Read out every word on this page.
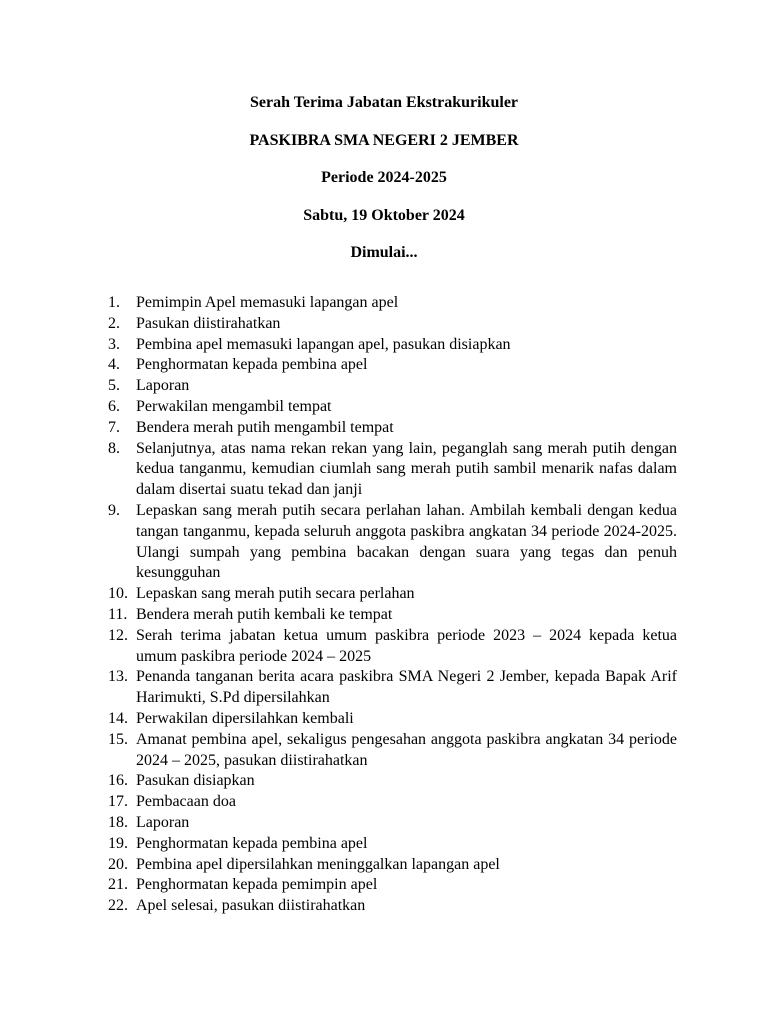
Serah Terima Jabatan Ekstrakurikuler
PASKIBRA SMA NEGERI 2 JEMBER
Periode 2024-2025
Sabtu, 19 Oktober 2024
Dimulai...
1.	Pemimpin Apel memasuki lapangan apel
2.	Pasukan diistirahatkan
3.	Pembina apel memasuki lapangan apel, pasukan disiapkan
4.	Penghormatan kepada pembina apel
5.	Laporan
6.	Perwakilan mengambil tempat
7.	Bendera merah putih mengambil tempat
8.	Selanjutnya, atas nama rekan rekan yang lain, peganglah sang merah putih dengan kedua tanganmu, kemudian ciumlah sang merah putih sambil menarik nafas dalam dalam disertai suatu tekad dan janji
9.	Lepaskan sang merah putih secara perlahan lahan. Ambilah kembali dengan kedua tangan tanganmu, kepada seluruh anggota paskibra angkatan 34 periode 2024-2025. Ulangi sumpah yang pembina bacakan dengan suara yang tegas dan penuh kesungguhan
10. Lepaskan sang merah putih secara perlahan
11. Bendera merah putih kembali ke tempat
12. Serah terima jabatan ketua umum paskibra periode 2023 – 2024 kepada ketua umum paskibra periode 2024 – 2025
13. Penanda tanganan berita acara paskibra SMA Negeri 2 Jember, kepada Bapak Arif Harimukti, S.Pd dipersilahkan
14. Perwakilan dipersilahkan kembali
15. Amanat pembina apel, sekaligus pengesahan anggota paskibra angkatan 34 periode 2024 – 2025, pasukan diistirahatkan
16. Pasukan disiapkan
17. Pembacaan doa
18. Laporan
19. Penghormatan kepada pembina apel
20. Pembina apel dipersilahkan meninggalkan lapangan apel
21. Penghormatan kepada pemimpin apel
22. Apel selesai, pasukan diistirahatkan
